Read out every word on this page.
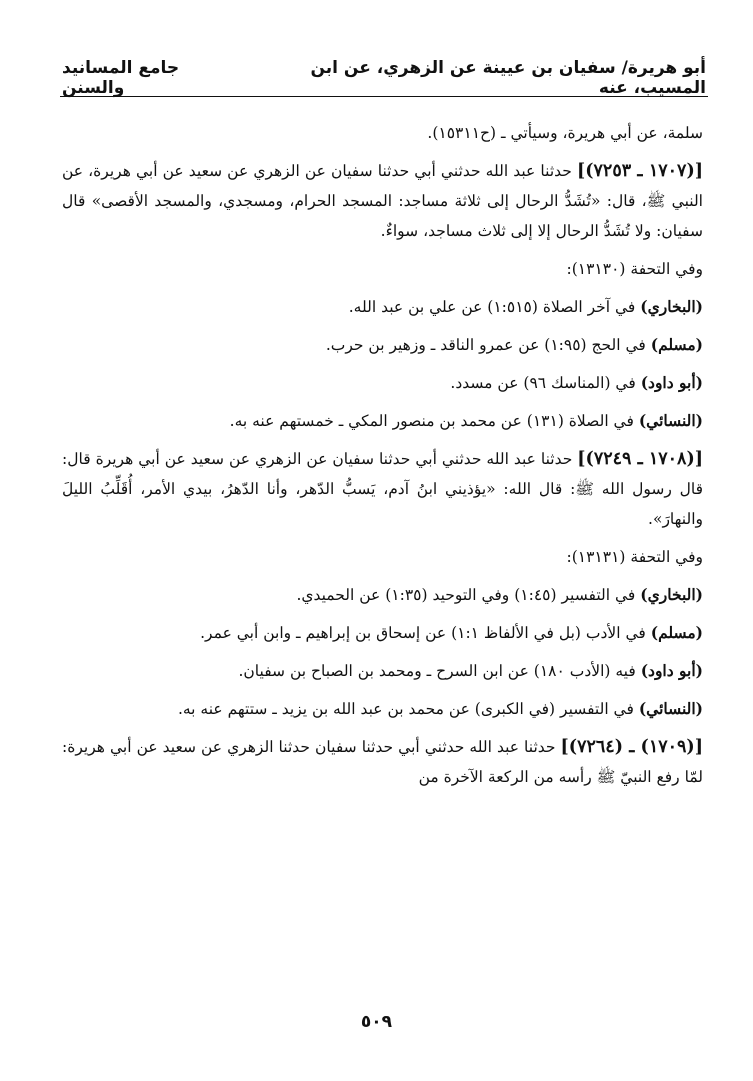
جامع المسانيد والسنن
أبو هريرة/ سفيان بن عيينة عن الزهري، عن ابن المسيب، عنه

سلمة، عن أبي هريرة، وسيأتي ـ (ح١٥٣١١).

[(١٧٠٧ ـ ٧٢٥٣)] حدثنا عبد الله حدثني أبي حدثنا سفيان عن الزهري عن سعيد عن أبي هريرة، عن النبي ﷺ، قال: «تُشَدُّ الرحال إلى ثلاثة مساجد: المسجد الحرام، ومسجدي، والمسجد الأقصى» قال سفيان: ولا تُشَدُّ الرحال إلا إلى ثلاث مساجد، سواءٌ.

وفي التحفة (١٣١٣٠):

(البخاري) في آخر الصلاة (١:٥١٥) عن علي بن عبد الله.

(مسلم) في الحج (١:٩٥) عن عمرو الناقد ـ وزهير بن حرب.

(أبو داود) في (المناسك ٩٦) عن مسدد.

(النسائي) في الصلاة (١٣١) عن محمد بن منصور المكي ـ خمستهم عنه به.

[(١٧٠٨ ـ ٧٢٤٩)] حدثنا عبد الله حدثني أبي حدثنا سفيان عن الزهري عن سعيد عن أبي هريرة قال: قال رسول الله ﷺ: قال الله: «يؤذيني ابنُ آدم، يَسبُّ الدّهر، وأنا الدّهرُ، بيدي الأمر، أُقَلِّبُ الليلَ والنهارَ».

وفي التحفة (١٣١٣١):

(البخاري) في التفسير (١:٤٥) وفي التوحيد (١:٣٥) عن الحميدي.

(مسلم) في الأدب (بل في الألفاظ ١:١) عن إسحاق بن إبراهيم ـ وابن أبي عمر.

(أبو داود) فيه (الأدب ١٨٠) عن ابن السرح ـ ومحمد بن الصباح بن سفيان.

(النسائي) في التفسير (في الكبرى) عن محمد بن عبد الله بن يزيد ـ ستتهم عنه به.

[(١٧٠٩) ـ (٧٢٦٤)] حدثنا عبد الله حدثني أبي حدثنا سفيان حدثنا الزهري عن سعيد عن أبي هريرة: لمّا رفع النبيّ ﷺ رأسه من الركعة الآخرة من

٥٠٩
